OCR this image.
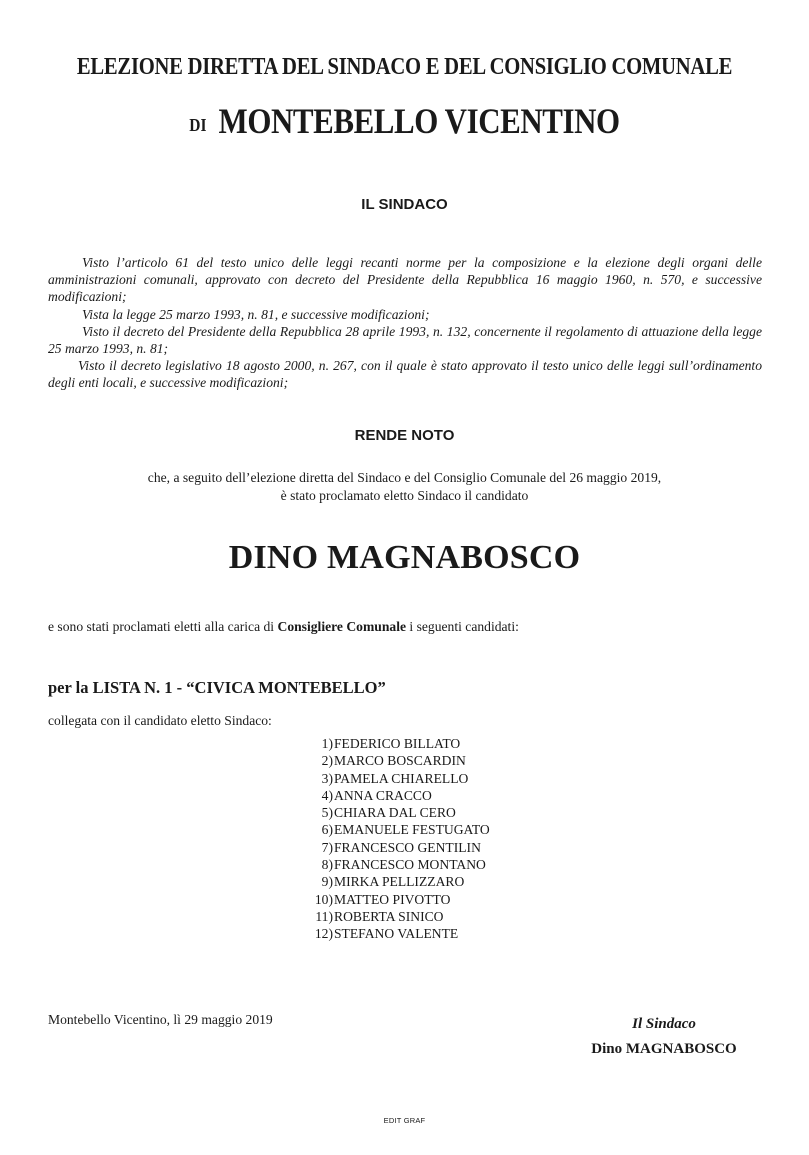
ELEZIONE DIRETTA DEL SINDACO E DEL CONSIGLIO COMUNALE
DI MONTEBELLO VICENTINO
IL SINDACO

Visto l’articolo 61 del testo unico delle leggi recanti norme per la composizione e la elezione degli organi delle amministrazioni comunali, approvato con decreto del Presidente della Repubblica 16 maggio 1960, n. 570, e successive modificazioni;

Vista la legge 25 marzo 1993, n. 81, e successive modificazioni;

Visto il decreto del Presidente della Repubblica 28 aprile 1993, n. 132, concernente il regolamento di attuazione della legge 25 marzo 1993, n. 81;

Visto il decreto legislativo 18 agosto 2000, n. 267, con il quale è stato approvato il testo unico delle leggi sull’ordinamento degli enti locali, e successive modificazioni;

RENDE NOTO
che, a seguito dell’elezione diretta del Sindaco e del Consiglio Comunale del 26 maggio 2019,
è stato proclamato eletto Sindaco il candidato
DINO MAGNABOSCO
e sono stati proclamati eletti alla carica di Consigliere Comunale i seguenti candidati:
per la LISTA N. 1 - “CIVICA MONTEBELLO”
collegata con il candidato eletto Sindaco:
1) FEDERICO BILLATO
2) MARCO BOSCARDIN
3) PAMELA CHIARELLO
4) ANNA CRACCO
5) CHIARA DAL CERO
6) EMANUELE FESTUGATO
7) FRANCESCO GENTILIN
8) FRANCESCO MONTANO
9) MIRKA PELLIZZARO
10) MATTEO PIVOTTO
11) ROBERTA SINICO
12) STEFANO VALENTE
Montebello Vicentino, lì 29 maggio 2019	Il Sindaco
Dino MAGNABOSCO
EDIT GRAF
